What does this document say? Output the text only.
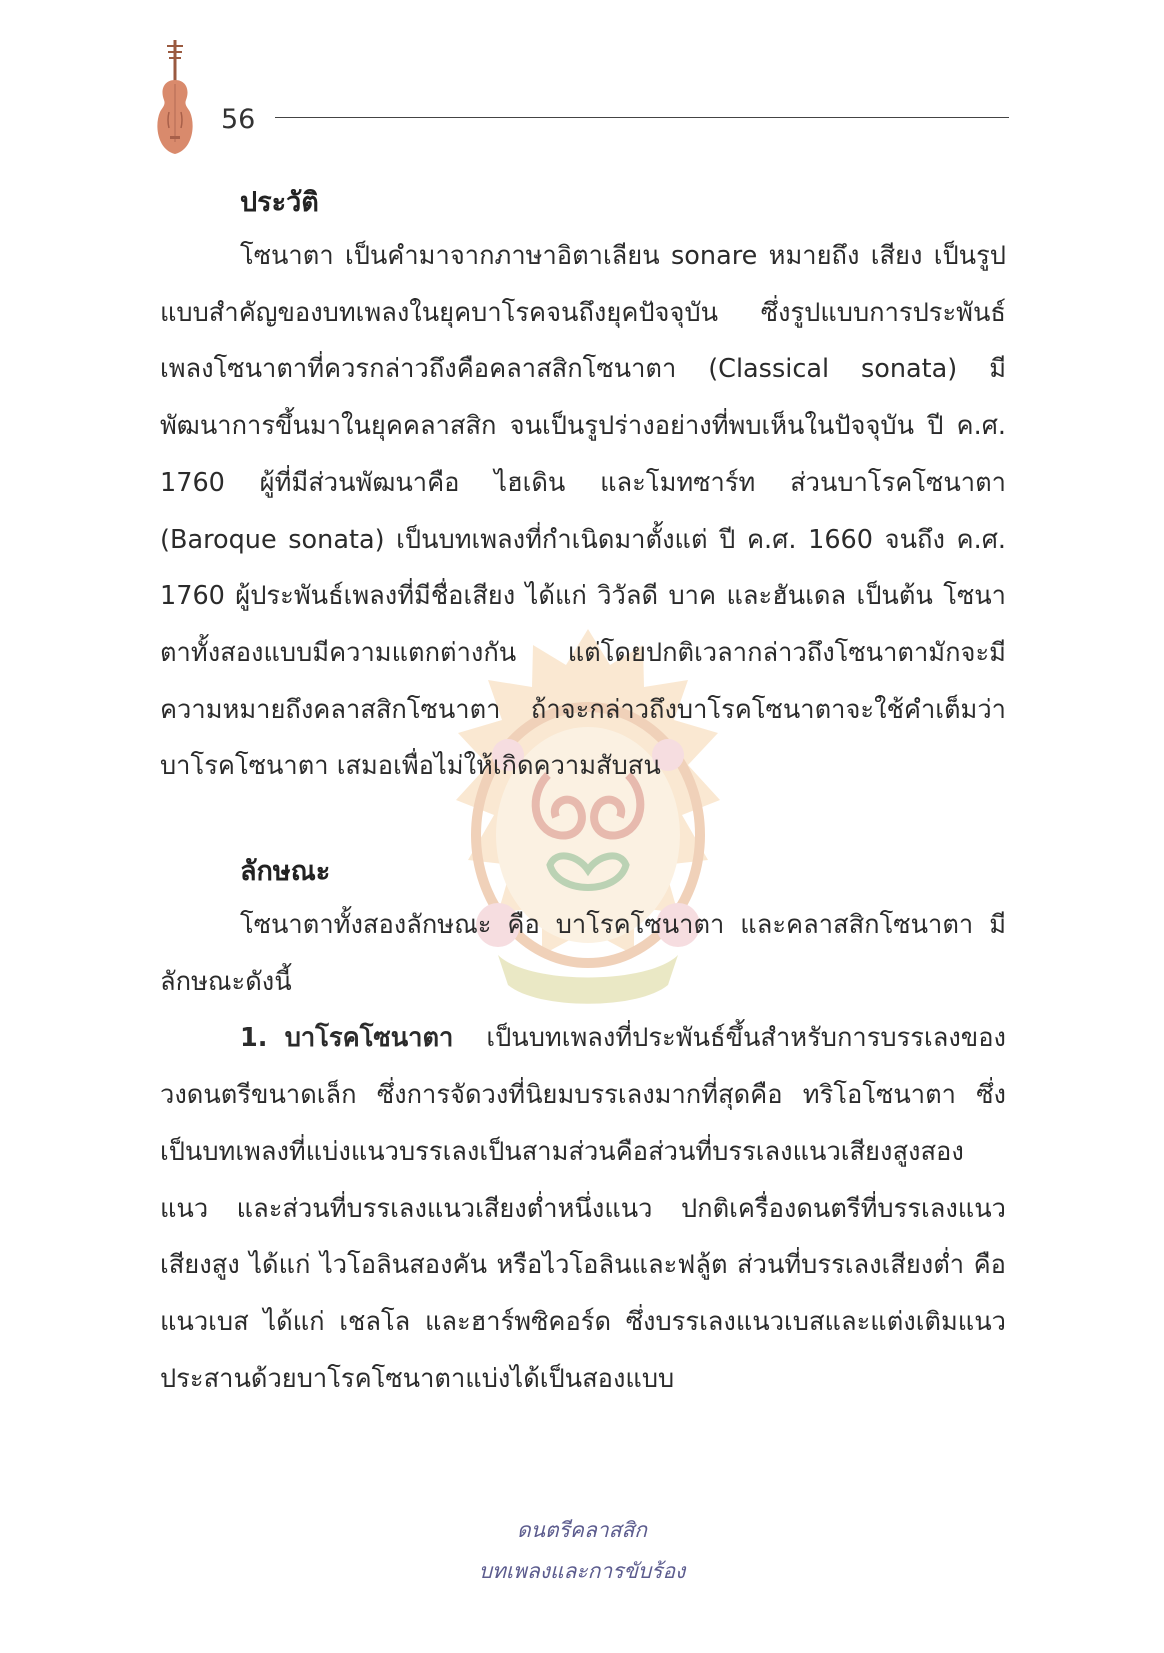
56
ประวัติ

โซนาตา เป็นคำมาจากภาษาอิตาเลียน sonare หมายถึง เสียง เป็นรูปแบบสำคัญของบทเพลงในยุคบาโรคจนถึงยุคปัจจุบัน ซึ่งรูปแบบการประพันธ์เพลงโซนาตาที่ควรกล่าวถึงคือคลาสสิกโซนาตา (Classical sonata) มีพัฒนาการขึ้นมาในยุคคลาสสิก จนเป็นรูปร่างอย่างที่พบเห็นในปัจจุบัน ปี ค.ศ. 1760 ผู้ที่มีส่วนพัฒนาคือ ไฮเดิน และโมทซาร์ท ส่วนบาโรคโซนาตา (Baroque sonata) เป็นบทเพลงที่กำเนิดมาตั้งแต่ ปี ค.ศ. 1660 จนถึง ค.ศ. 1760 ผู้ประพันธ์เพลงที่มีชื่อเสียง ได้แก่ วิวัลดี บาค และฮันเดล เป็นต้น โซนาตาทั้งสองแบบมีความแตกต่างกัน แต่โดยปกติเวลากล่าวถึงโซนาตามักจะมีความหมายถึงคลาสสิกโซนาตา ถ้าจะกล่าวถึงบาโรคโซนาตาจะใช้คำเต็มว่า บาโรคโซนาตา เสมอเพื่อไม่ให้เกิดความสับสน

ลักษณะ

โซนาตาทั้งสองลักษณะ คือ บาโรคโซนาตา และคลาสสิกโซนาตา มีลักษณะดังนี้

1. บาโรคโซนาตา เป็นบทเพลงที่ประพันธ์ขึ้นสำหรับการบรรเลงของวงดนตรีขนาดเล็ก ซึ่งการจัดวงที่นิยมบรรเลงมากที่สุดคือ ทริโอโซนาตา ซึ่งเป็นบทเพลงที่แบ่งแนวบรรเลงเป็นสามส่วนคือส่วนที่บรรเลงแนวเสียงสูงสองแนว และส่วนที่บรรเลงแนวเสียงต่ำหนึ่งแนว ปกติเครื่องดนตรีที่บรรเลงแนวเสียงสูง ได้แก่ ไวโอลินสองคัน หรือไวโอลินและฟลู้ต ส่วนที่บรรเลงเสียงต่ำ คือ แนวเบส ได้แก่ เชลโล และฮาร์พซิคอร์ด ซึ่งบรรเลงแนวเบสและแต่งเติมแนวประสานด้วยบาโรคโซนาตาแบ่งได้เป็นสองแบบ

ดนตรีคลาสสิก
บทเพลงและการขับร้อง
